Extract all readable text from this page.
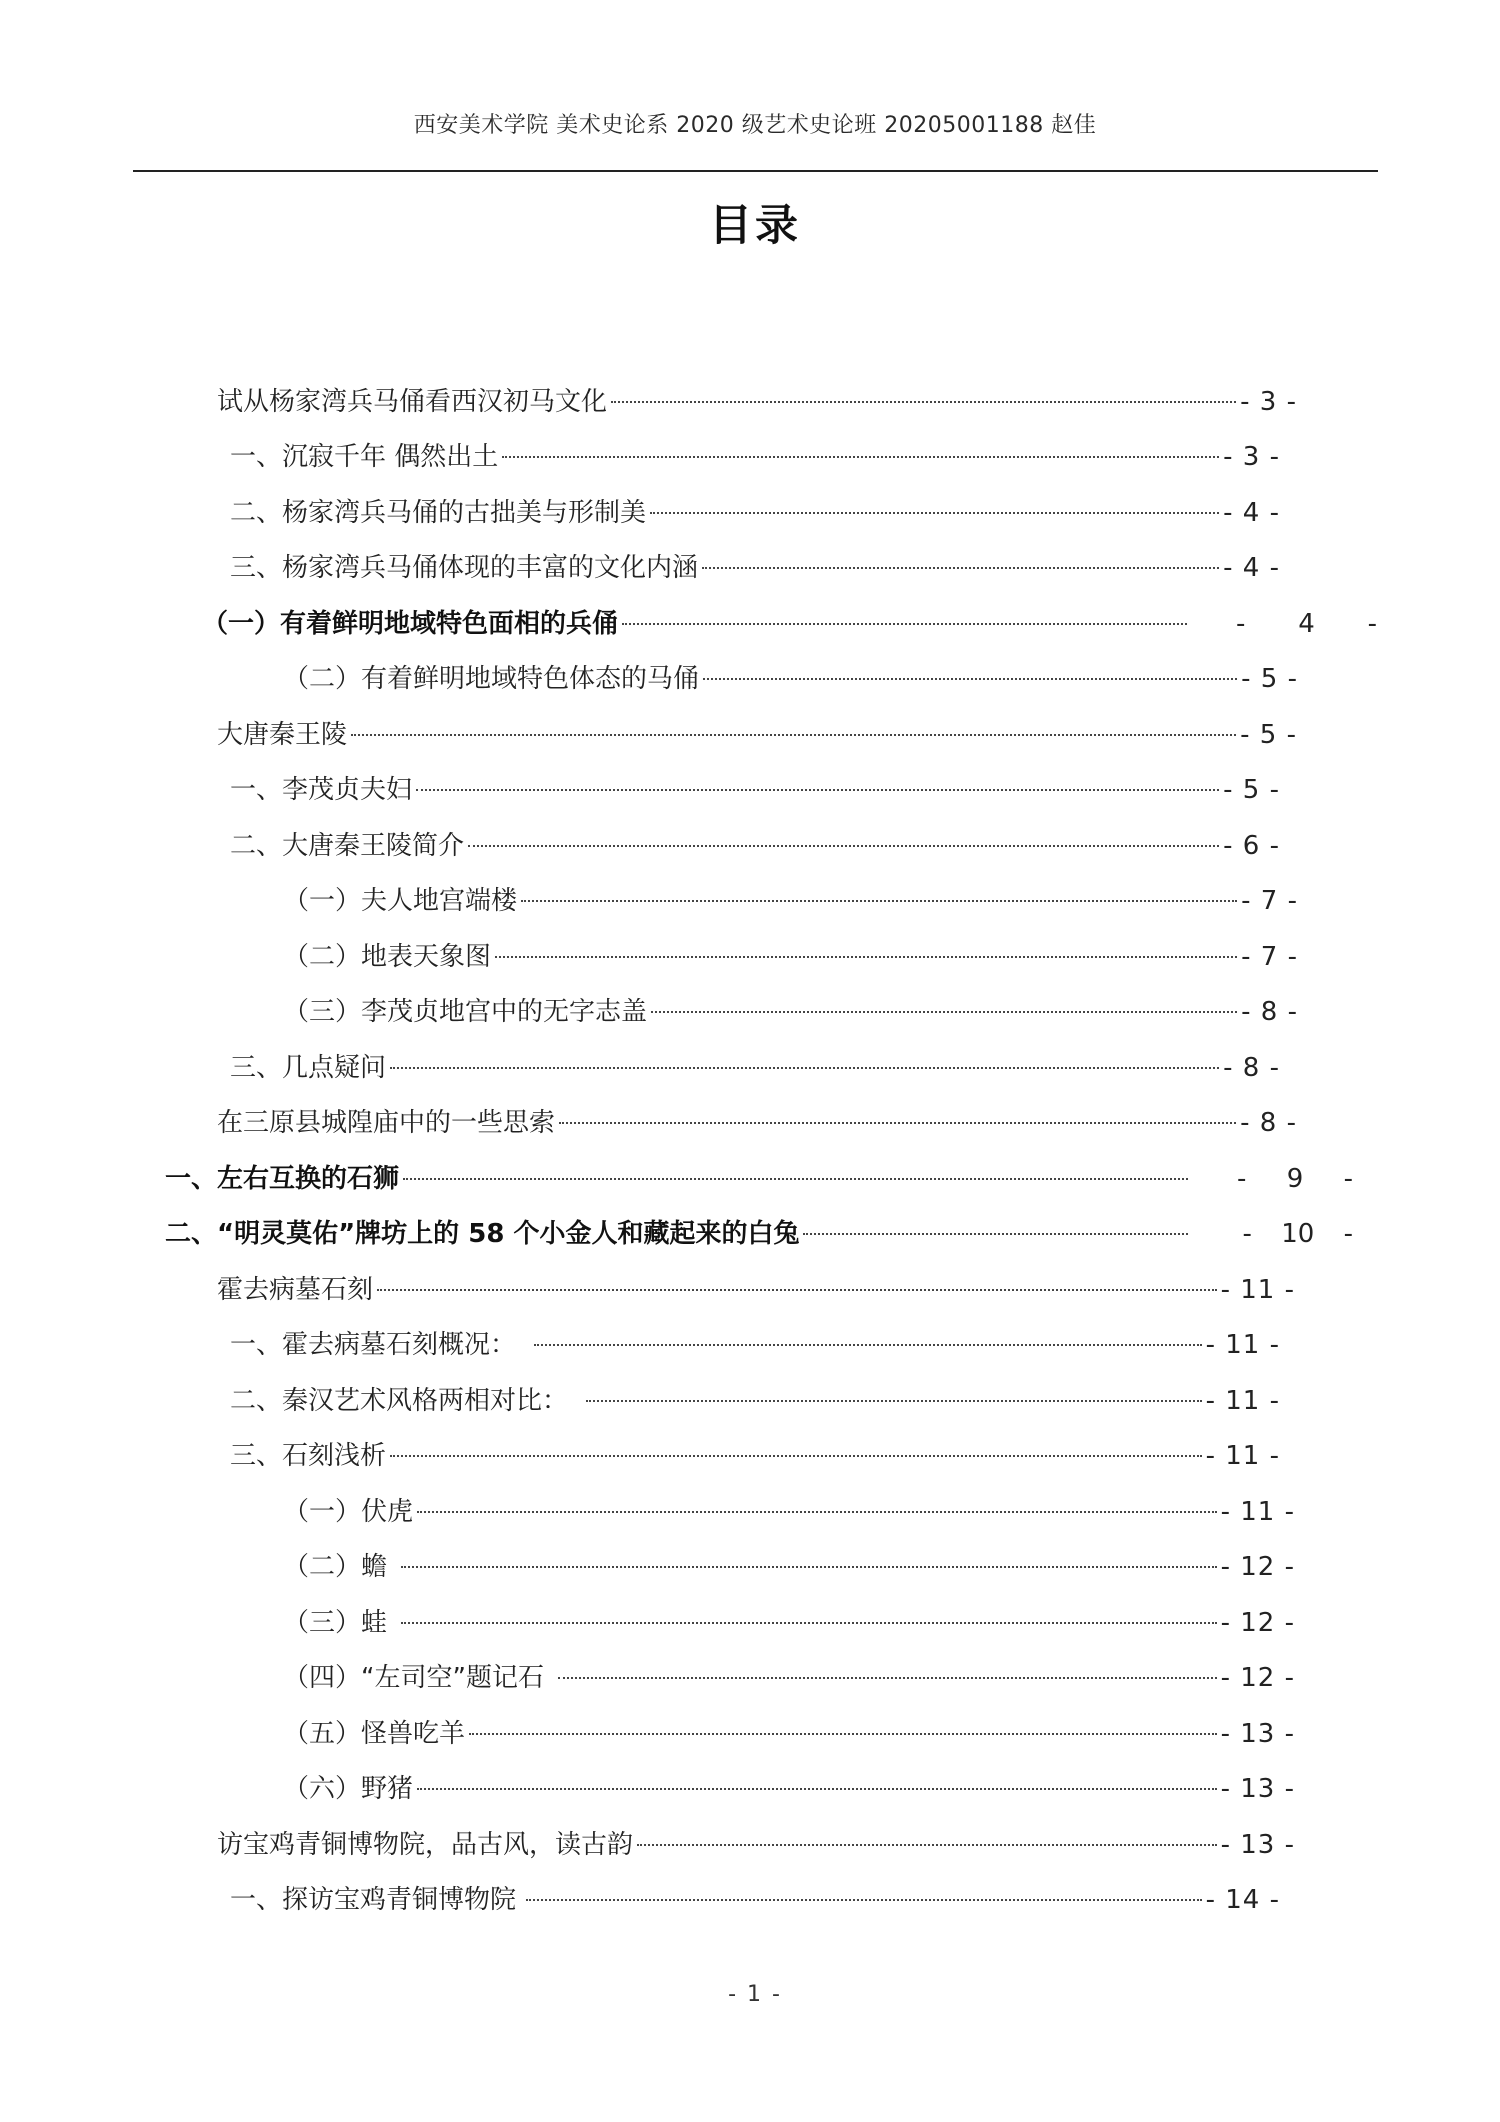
西安美术学院 美术史论系 2020 级艺术史论班 20205001188 赵佳
目录
试从杨家湾兵马俑看西汉初马文化	- 3 -
一、沉寂千年 偶然出土	- 3 -
二、杨家湾兵马俑的古拙美与形制美	- 4 -
三、杨家湾兵马俑体现的丰富的文化内涵	- 4 -
（一）有着鲜明地域特色面相的兵俑	- 4 -
（二）有着鲜明地域特色体态的马俑	- 5 -
大唐秦王陵	- 5 -
一、李茂贞夫妇	- 5 -
二、大唐秦王陵简介	- 6 -
（一）夫人地宫端楼	- 7 -
（二）地表天象图	- 7 -
（三）李茂贞地宫中的无字志盖	- 8 -
三、几点疑问	- 8 -
在三原县城隍庙中的一些思索	- 8 -
一、左右互换的石狮	- 9 -
二、“明灵莫佑”牌坊上的 58 个小金人和藏起来的白兔	- 10 -
霍去病墓石刻	- 11 -
一、霍去病墓石刻概况：	- 11 -
二、秦汉艺术风格两相对比：	- 11 -
三、石刻浅析	- 11 -
（一）伏虎	- 11 -
（二）蟾	- 12 -
（三）蛙	- 12 -
（四）“左司空”题记石	- 12 -
（五）怪兽吃羊	- 13 -
（六）野猪	- 13 -
访宝鸡青铜博物院，品古风，读古韵	- 13 -
一、探访宝鸡青铜博物院	- 14 -
- 1 -
